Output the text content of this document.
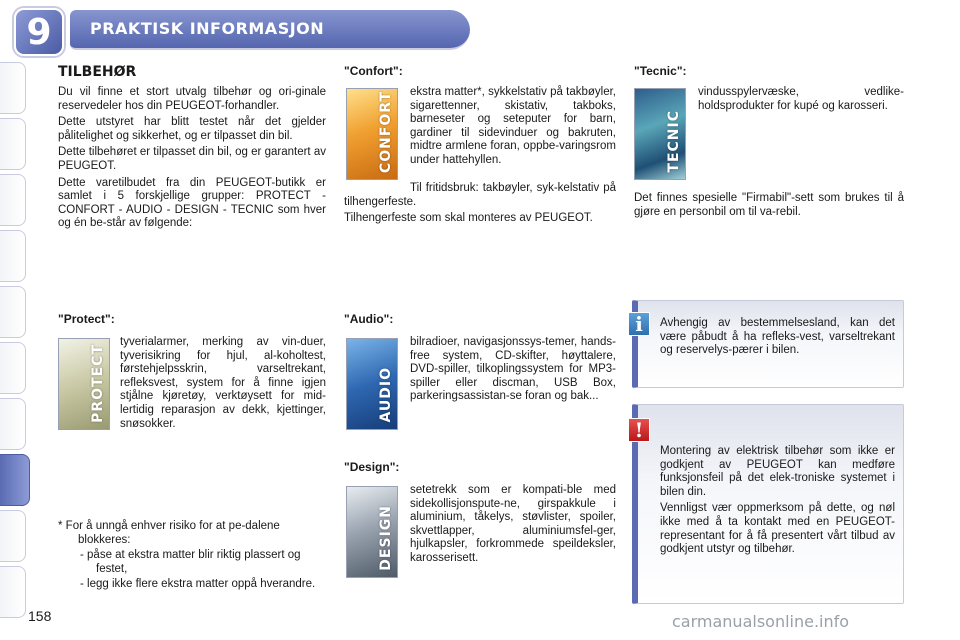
9	PRAKTISK INFORMASJON
TILBEHØR

Du vil finne et stort utvalg tilbehør og ori-ginale reservedeler hos din PEUGEOT-forhandler.

Dette utstyret har blitt testet når det gjelder pålitelighet og sikkerhet, og er tilpasset din bil.

Dette tilbehøret er tilpasset din bil, og er garantert av PEUGEOT.

Dette varetilbudet fra din PEUGEOT-butikk er samlet i 5 forskjellige grupper: PROTECT - CONFORT - AUDIO - DESIGN - TECNIC som hver og én be-står av følgende:

"Protect":
PROTECT
tyverialarmer, merking av vin-duer, tyverisikring for hjul, al-koholtest, førstehjelpsskrin, varseltrekant, refleksvest, system for å finne igjen stjålne kjøretøy, verktøysett for mid-lertidig reparasjon av dekk, kjettinger, snøsokker.
* For å unngå enhver risiko for at pe-dalene blokkeres:
- påse at ekstra matter blir riktig plassert og festet,
- legg ikke flere ekstra matter oppå hverandre.
"Confort":
CONFORT ekstra matter*, sykkelstativ på takbøyler, sigarettenner, skistativ, takboks, barneseter og seteputer for barn, gardiner til sidevinduer og bakruten, midtre armlene foran, oppbe-varingsrom under hattehyllen.

Til fritidsbruk: takbøyler, syk-kelstativ på tilhengerfeste.

Tilhengerfeste som skal monteres av PEUGEOT.

"Audio":
AUDIO
bilradioer, navigasjonssys-temer, hands-free system, CD-skifter, høyttalere, DVD-spiller, tilkoplingssystem for MP3-spiller eller discman, USB Box, parkeringsassistan-se foran og bak...
"Design":
DESIGN
setetrekk som er kompati-ble med sidekollisjonspute-ne, girspakkule i aluminium, tåkelys, støvlister, spoiler, skvettlapper, aluminiumsfel-ger, hjulkapsler, forkrommede speildeksler, karosserisett.
"Tecnic":
TECNIC
vindusspylervæske, vedlike-holdsprodukter for kupé og karosseri.
Det finnes spesielle "Firmabil"-sett som brukes til å gjøre en personbil om til va-rebil.
Avhengig av bestemmelsesland, kan det være påbudt å ha refleks-vest, varseltrekant og reservelys-pærer i bilen.
i

Montering av elektrisk tilbehør som ikke er godkjent av PEUGEOT kan medføre funksjonsfeil på det elek-troniske systemet i bilen din.

Vennligst vær oppmerksom på dette, og nøl ikke med å ta kontakt med en PEUGEOT-representant for å få presentert vårt tilbud av godkjent utstyr og tilbehør.

!
158	carmanualsonline.info
